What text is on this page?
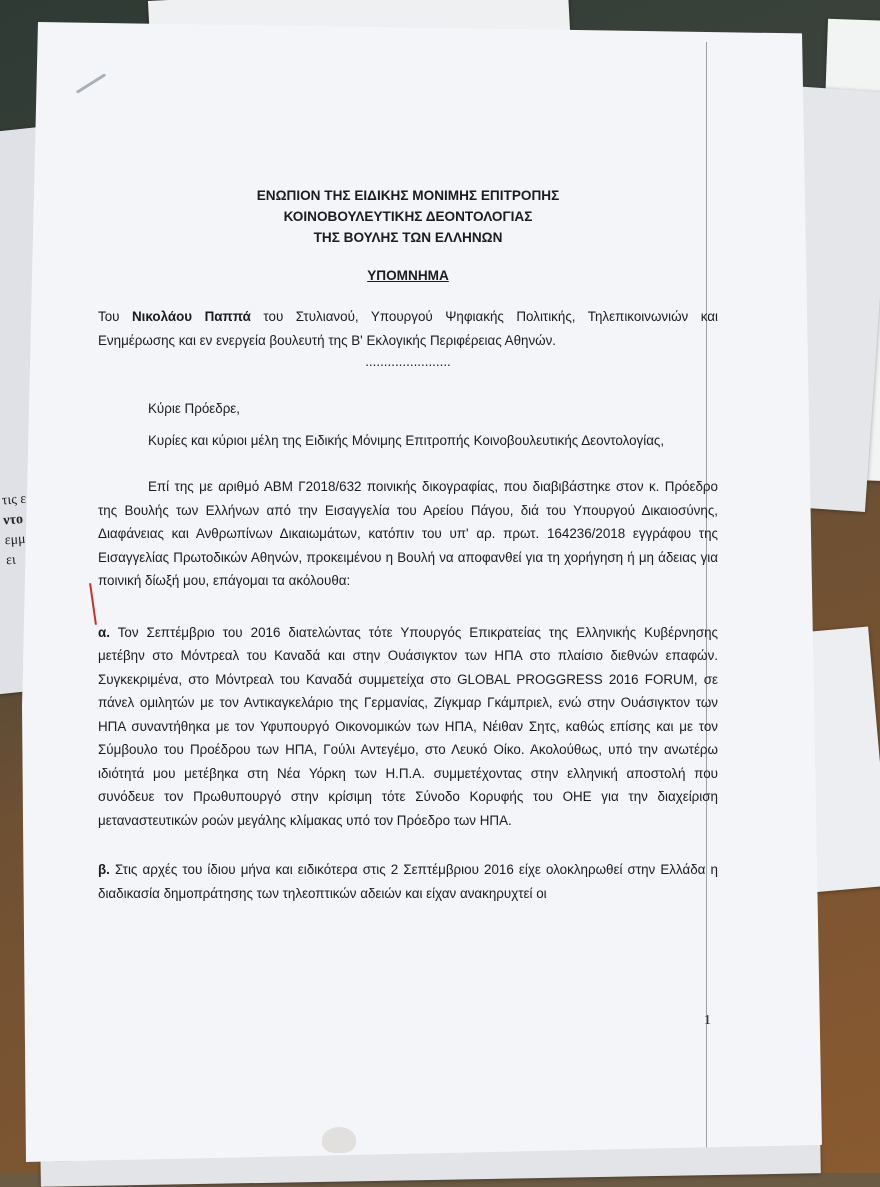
τις ε
ντο
εμμ
ει
ΕΝΩΠΙΟΝ ΤΗΣ ΕΙΔΙΚΗΣ ΜΟΝΙΜΗΣ ΕΠΙΤΡΟΠΗΣ
ΚΟΙΝΟΒΟΥΛΕΥΤΙΚΗΣ ΔΕΟΝΤΟΛΟΓΙΑΣ
ΤΗΣ ΒΟΥΛΗΣ ΤΩΝ ΕΛΛΗΝΩΝ
ΥΠΟΜΝΗΜΑ

Του Νικολάου Παππά του Στυλιανού, Υπουργού Ψηφιακής Πολιτικής, Τηλεπικοινωνιών και Ενημέρωσης και εν ενεργεία βουλευτή της Β' Εκλογικής Περιφέρειας Αθηνών.

.......................
Κύριε Πρόεδρε,
Κυρίες και κύριοι μέλη της Ειδικής Μόνιμης Επιτροπής Κοινοβουλευτικής Δεοντολογίας,

Επί της με αριθμό ΑΒΜ Γ2018/632 ποινικής δικογραφίας, που διαβιβάστηκε στον κ. Πρόεδρο της Βουλής των Ελλήνων από την Εισαγγελία του Αρείου Πάγου, διά του Υπουργού Δικαιοσύνης, Διαφάνειας και Ανθρωπίνων Δικαιωμάτων, κατόπιν του υπ' αρ. πρωτ. 164236/2018 εγγράφου της Εισαγγελίας Πρωτοδικών Αθηνών, προκειμένου η Βουλή να αποφανθεί για τη χορήγηση ή μη άδειας για ποινική δίωξή μου, επάγομαι τα ακόλουθα:

α. Τον Σεπτέμβριο του 2016 διατελώντας τότε Υπουργός Επικρατείας της Ελληνικής Κυβέρνησης μετέβην στο Μόντρεαλ του Καναδά και στην Ουάσιγκτον των ΗΠΑ στο πλαίσιο διεθνών επαφών. Συγκεκριμένα, στο Μόντρεαλ του Καναδά συμμετείχα στο GLOBAL PROGGRESS 2016 FORUM, σε πάνελ ομιλητών με τον Αντικαγκελάριο της Γερμανίας, Ζίγκμαρ Γκάμπριελ, ενώ στην Ουάσιγκτον των ΗΠΑ συναντήθηκα με τον Υφυπουργό Οικονομικών των ΗΠΑ, Νέιθαν Σητς, καθώς επίσης και με τον Σύμβουλο του Προέδρου των ΗΠΑ, Γούλι Αντεγέμο, στο Λευκό Οίκο. Ακολούθως, υπό την ανωτέρω ιδιότητά μου μετέβηκα στη Νέα Υόρκη των Η.Π.Α. συμμετέχοντας στην ελληνική αποστολή που συνόδευε τον Πρωθυπουργό στην κρίσιμη τότε Σύνοδο Κορυφής του ΟΗΕ για την διαχείριση μεταναστευτικών ροών μεγάλης κλίμακας υπό τον Πρόεδρο των ΗΠΑ.

β. Στις αρχές του ίδιου μήνα και ειδικότερα στις 2 Σεπτέμβριου 2016 είχε ολοκληρωθεί στην Ελλάδα η διαδικασία δημοπράτησης των τηλεοπτικών αδειών και είχαν ανακηρυχτεί οι

1
